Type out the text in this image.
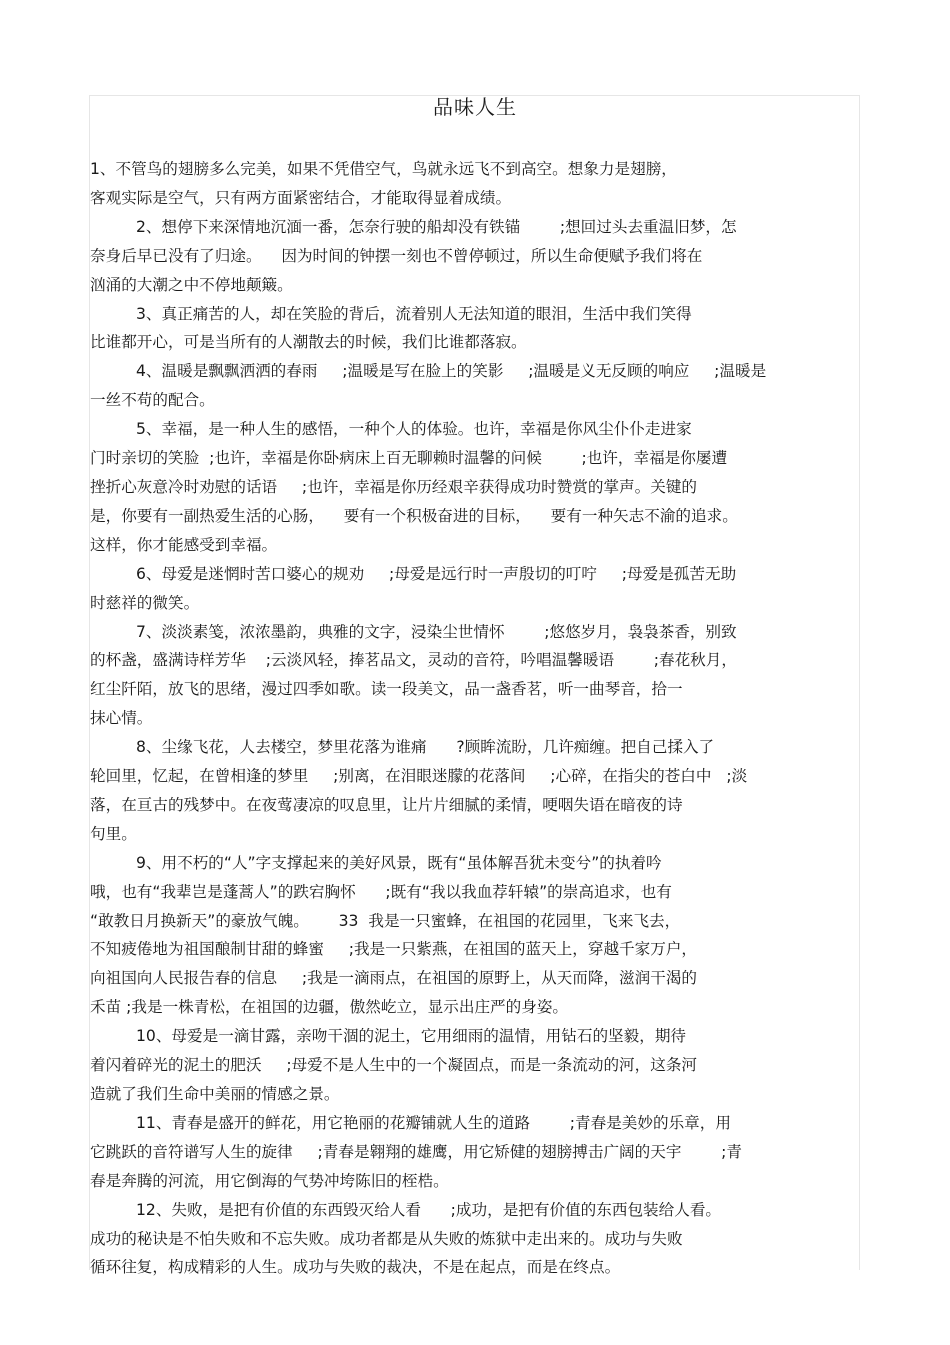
品味人生
1、不管鸟的翅膀多么完美，如果不凭借空气，鸟就永远飞不到高空。想象力是翅膀，
客观实际是空气，只有两方面紧密结合，才能取得显着成绩。
2、想停下来深情地沉湎一番，怎奈行驶的船却没有铁锚        ;想回过头去重温旧梦，怎
奈身后早已没有了归途。    因为时间的钟摆一刻也不曾停顿过，所以生命便赋予我们将在
汹涌的大潮之中不停地颠簸。
3、真正痛苦的人，却在笑脸的背后，流着别人无法知道的眼泪，生活中我们笑得
比谁都开心，可是当所有的人潮散去的时候，我们比谁都落寂。
4、温暖是飘飘洒洒的春雨     ;温暖是写在脸上的笑影     ;温暖是义无反顾的响应     ;温暖是
一丝不苟的配合。
5、幸福，是一种人生的感悟，一种个人的体验。也许，幸福是你风尘仆仆走进家
门时亲切的笑脸  ;也许，幸福是你卧病床上百无聊赖时温馨的问候        ;也许，幸福是你屡遭
挫折心灰意冷时劝慰的话语     ;也许，幸福是你历经艰辛获得成功时赞赏的掌声。关键的
是，你要有一副热爱生活的心肠，    要有一个积极奋进的目标，    要有一种矢志不渝的追求。
这样，你才能感受到幸福。
6、母爱是迷惘时苦口婆心的规劝     ;母爱是远行时一声殷切的叮咛     ;母爱是孤苦无助
时慈祥的微笑。
7、淡淡素笺，浓浓墨韵，典雅的文字，浸染尘世情怀        ;悠悠岁月，袅袅茶香，别致
的杯盏，盛满诗样芳华    ;云淡风轻，捧茗品文，灵动的音符，吟唱温馨暖语        ;春花秋月，
红尘阡陌，放飞的思绪，漫过四季如歌。读一段美文，品一盏香茗，听一曲琴音，拾一
抹心情。
8、尘缘飞花，人去楼空，梦里花落为谁痛      ?顾眸流盼，几许痴缠。把自己揉入了
轮回里，忆起，在曾相逢的梦里     ;别离，在泪眼迷朦的花落间     ;心碎，在指尖的苍白中   ;淡
落，在亘古的残梦中。在夜莺凄凉的叹息里，让片片细腻的柔情，哽咽失语在暗夜的诗
句里。
9、用不朽的“人”字支撑起来的美好风景，既有“虽体解吾犹未变兮”的执着吟
哦，也有“我辈岂是蓬蒿人”的跌宕胸怀      ;既有“我以我血荐轩辕”的崇高追求，也有
“敢教日月换新天”的豪放气魄。      33  我是一只蜜蜂，在祖国的花园里，飞来飞去，
不知疲倦地为祖国酿制甘甜的蜂蜜     ;我是一只紫燕，在祖国的蓝天上，穿越千家万户，
向祖国向人民报告春的信息     ;我是一滴雨点，在祖国的原野上，从天而降，滋润干渴的
禾苗 ;我是一株青松，在祖国的边疆，傲然屹立，显示出庄严的身姿。
10、母爱是一滴甘露，亲吻干涸的泥土，它用细雨的温情，用钻石的坚毅，期待
着闪着碎光的泥土的肥沃     ;母爱不是人生中的一个凝固点，而是一条流动的河，这条河
造就了我们生命中美丽的情感之景。
11、青春是盛开的鲜花，用它艳丽的花瓣铺就人生的道路        ;青春是美妙的乐章，用
它跳跃的音符谱写人生的旋律     ;青春是翱翔的雄鹰，用它矫健的翅膀搏击广阔的天宇        ;青
春是奔腾的河流，用它倒海的气势冲垮陈旧的桎梏。
12、失败，是把有价值的东西毁灭给人看      ;成功，是把有价值的东西包装给人看。
成功的秘诀是不怕失败和不忘失败。成功者都是从失败的炼狱中走出来的。成功与失败
循环往复，构成精彩的人生。成功与失败的裁决，不是在起点，而是在终点。
